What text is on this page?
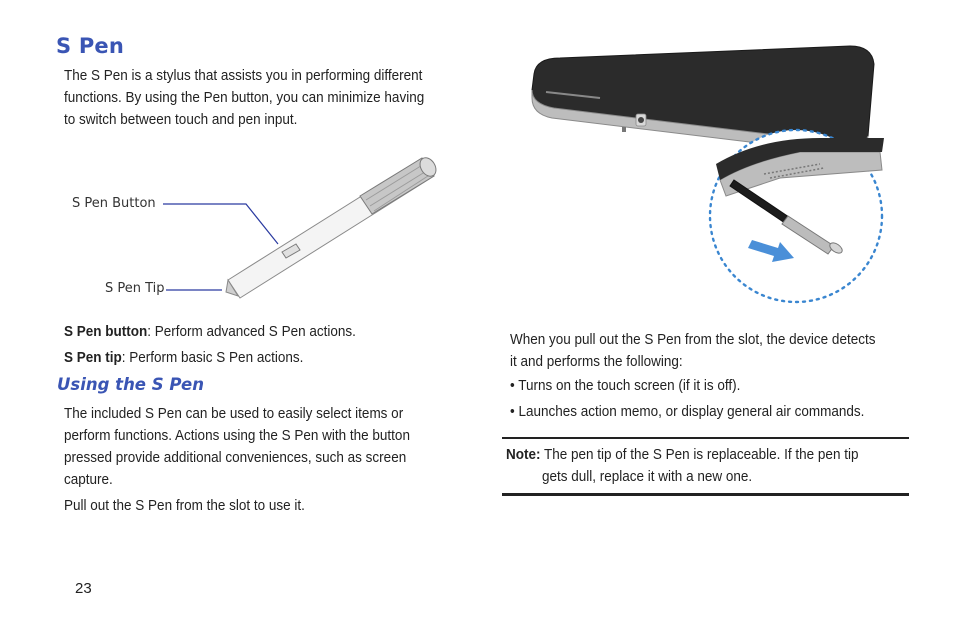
S Pen
The S Pen is a stylus that assists you in performing different
functions. By using the Pen button, you can minimize having
to switch between touch and pen input.
S Pen Button
S Pen Tip
S Pen button: Perform advanced S Pen actions.
S Pen tip: Perform basic S Pen actions.
Using the S Pen
The included S Pen can be used to easily select items or
perform functions. Actions using the S Pen with the button
pressed provide additional conveniences, such as screen
capture.
Pull out the S Pen from the slot to use it.
When you pull out the S Pen from the slot, the device detects
it and performs the following:
• Turns on the touch screen (if it is off).
• Launches action memo, or display general air commands.
Note: The pen tip of the S Pen is replaceable. If the pen tip
gets dull, replace it with a new one.
23
